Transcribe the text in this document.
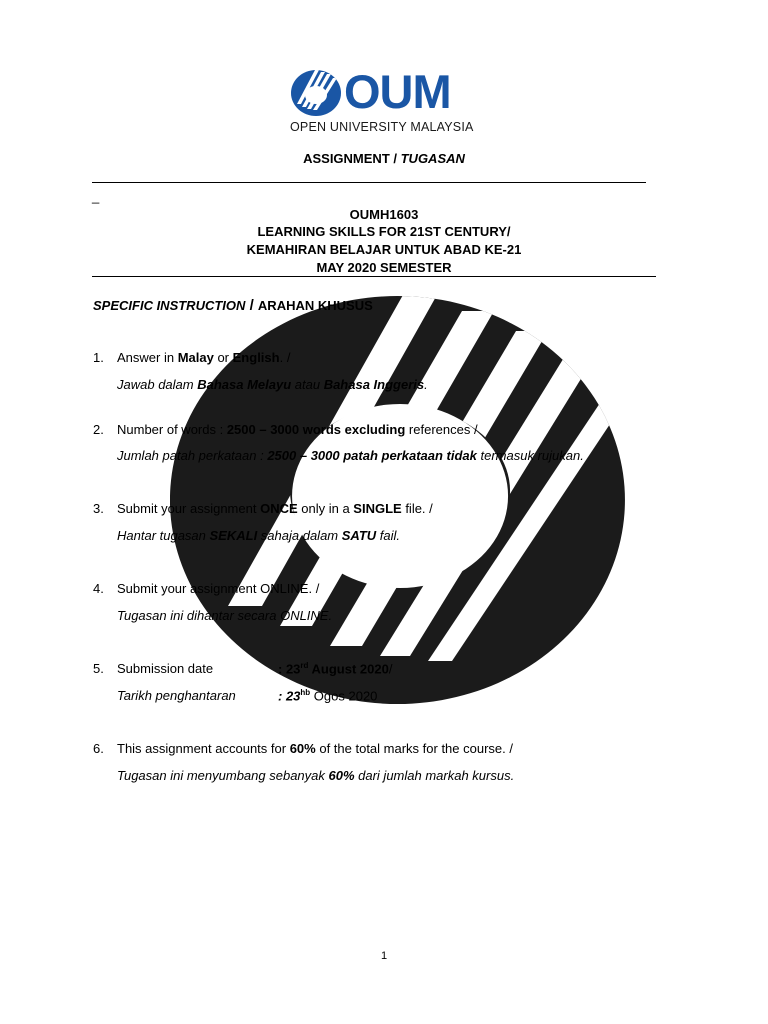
OUM
OPEN UNIVERSITY MALAYSIA
ASSIGNMENT / TUGASAN
_
OUMH1603
LEARNING SKILLS FOR 21ST CENTURY/
KEMAHIRAN BELAJAR UNTUK ABAD KE-21
MAY 2020 SEMESTER
SPECIFIC INSTRUCTION / ARAHAN KHUSUS
1. Answer in Malay or English. /
Jawab dalam Bahasa Melayu atau Bahasa Inggeris.
2. Number of words : 2500 – 3000 words excluding references /
Jumlah patah perkataan : 2500 – 3000 patah perkataan tidak termasuk rujukan.
3. Submit your assignment ONCE only in a SINGLE file. /
Hantar tugasan SEKALI sahaja dalam SATU fail.
4. Submit your assignment ONLINE. /
Tugasan ini dihantar secara ONLINE.
5. Submission date	: 23rd August 2020/
Tarikh penghantaran	: $23^{hb}$ Ogos 2020
6. This assignment accounts for 60% of the total marks for the course. /
Tugasan ini menyumbang sebanyak 60% dari jumlah markah kursus.
1
